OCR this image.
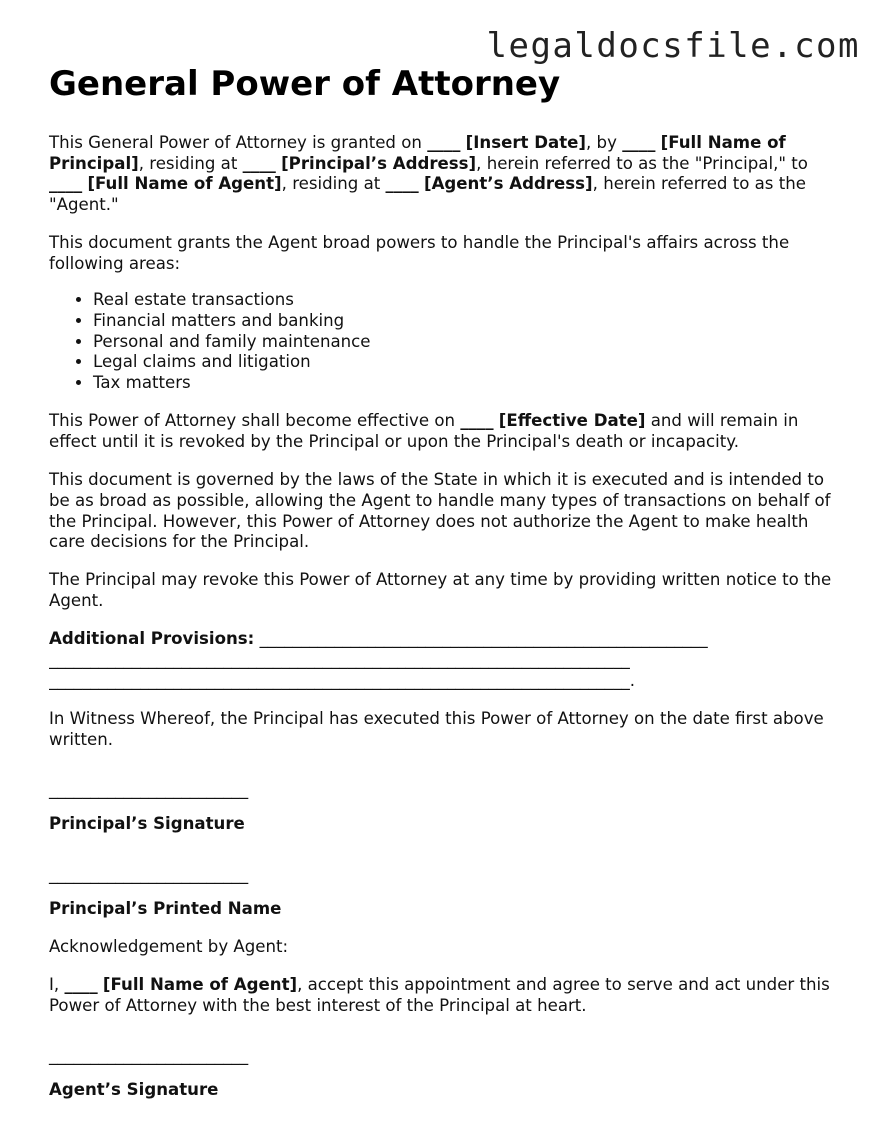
legaldocsfile.com
General Power of Attorney

This General Power of Attorney is granted on ____ [Insert Date], by ____ [Full Name of Principal], residing at ____ [Principal’s Address], herein referred to as the "Principal," to ____ [Full Name of Agent], residing at ____ [Agent’s Address], herein referred to as the "Agent."

This document grants the Agent broad powers to handle the Principal's affairs across the following areas:

• Real estate transactions
• Financial matters and banking
• Personal and family maintenance
• Legal claims and litigation
• Tax matters

This Power of Attorney shall become effective on ____ [Effective Date] and will remain in effect until it is revoked by the Principal or upon the Principal's death or incapacity.

This document is governed by the laws of the State in which it is executed and is intended to be as broad as possible, allowing the Agent to handle many types of transactions on behalf of the Principal. However, this Power of Attorney does not authorize the Agent to make health care decisions for the Principal.

The Principal may revoke this Power of Attorney at any time by providing written notice to the Agent.

Additional Provisions: ______________________________________________________
______________________________________________________________________
______________________________________________________________________.

In Witness Whereof, the Principal has executed this Power of Attorney on the date first above written.

________________________
Principal’s Signature
________________________
Principal’s Printed Name

Acknowledgement by Agent:

I, ____ [Full Name of Agent], accept this appointment and agree to serve and act under this Power of Attorney with the best interest of the Principal at heart.

________________________
Agent’s Signature
